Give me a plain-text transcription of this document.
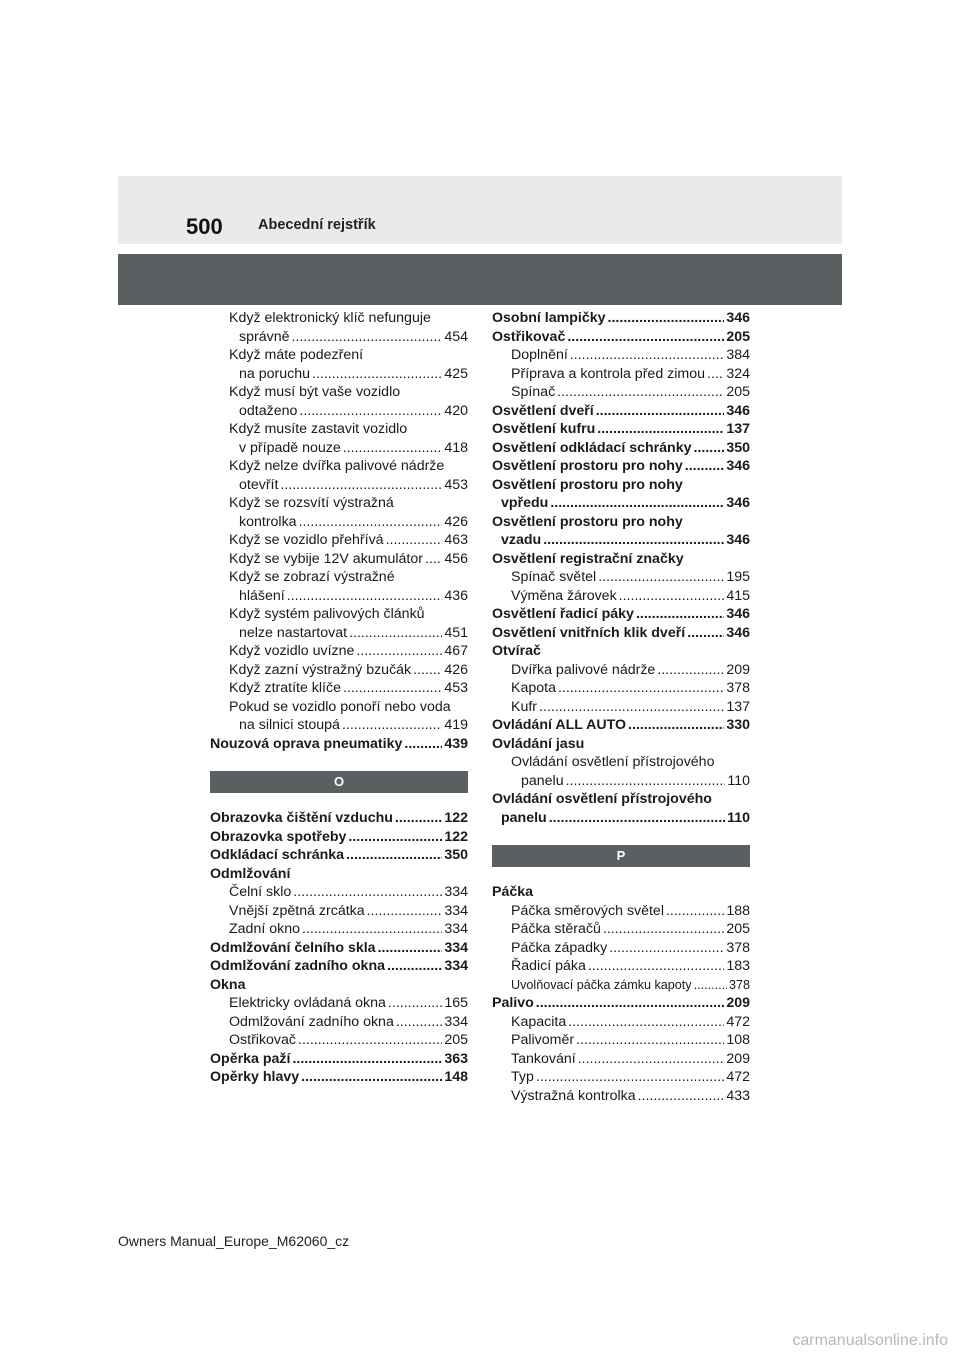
500 Abecední rejstřík
Když elektronický klíč nefunguje
správně .....	454
Když máte podezření
na poruchu .....	425
Když musí být vaše vozidlo
odtaženo .....	420
Když musíte zastavit vozidlo
v případě nouze .....	418
Když nelze dvířka palivové nádrže
otevřít .....	453
Když se rozsvítí výstražná
kontrolka .....	426
Když se vozidlo přehřívá .....	463
Když se vybije 12V akumulátor ..... 456
Když se zobrazí výstražné
hlášení .....	436
Když systém palivových článků
nelze nastartovat .....	451
Když vozidlo uvízne .....	467
Když zazní výstražný bzučák ..... 426
Když ztratíte klíče .....	453
Pokud se vozidlo ponoří nebo voda
na silnici stoupá .....	419
Nouzová oprava pneumatiky .....	439
O
Obrazovka čištění vzduchu .....	122
Obrazovka spotřeby .....	122
Odkládací schránka .....	350
Odmlžování
Čelní sklo .....	334
Vnější zpětná zrcátka .....	334
Zadní okno .....	334
Odmlžování čelního skla .....	334
Odmlžování zadního okna .....	334
Okna
Elektricky ovládaná okna .....	165
Odmlžování zadního okna .....	334
Ostřikovač .....	205
Opěrka paží .....	363
Opěrky hlavy .....	148
Osobní lampičky .....	346
Ostřikovač .....	205
Doplnění .....	384
Příprava a kontrola před zimou ..... 324
Spínač .....	205
Osvětlení dveří .....	346
Osvětlení kufru .....	137
Osvětlení odkládací schránky ..... 350
Osvětlení prostoru pro nohy .....	346
Osvětlení prostoru pro nohy
vpředu .....	346
Osvětlení prostoru pro nohy
vzadu .....	346
Osvětlení registrační značky
Spínač světel .....	195
Výměna žárovek .....	415
Osvětlení řadicí páky .....	346
Osvětlení vnitřních klik dveří .....	346
Otvírač
Dvířka palivové nádrže .....	209
Kapota .....	378
Kufr .....	137
Ovládání ALL AUTO .....	330
Ovládání jasu
Ovládání osvětlení přístrojového
panelu .....	110
Ovládání osvětlení přístrojového
panelu .....	110
P
Páčka
Páčka směrových světel .....	188
Páčka stěračů .....	205
Páčka západky .....	378
Řadicí páka .....	183
Uvolňovací páčka zámku kapoty .....	378
Palivo .....	209
Kapacita .....	472
Palivoměr .....	108
Tankování .....	209
Typ .....	472
Výstražná kontrolka .....	433
Owners Manual_Europe_M62060_cz
carmanualsonline.info
